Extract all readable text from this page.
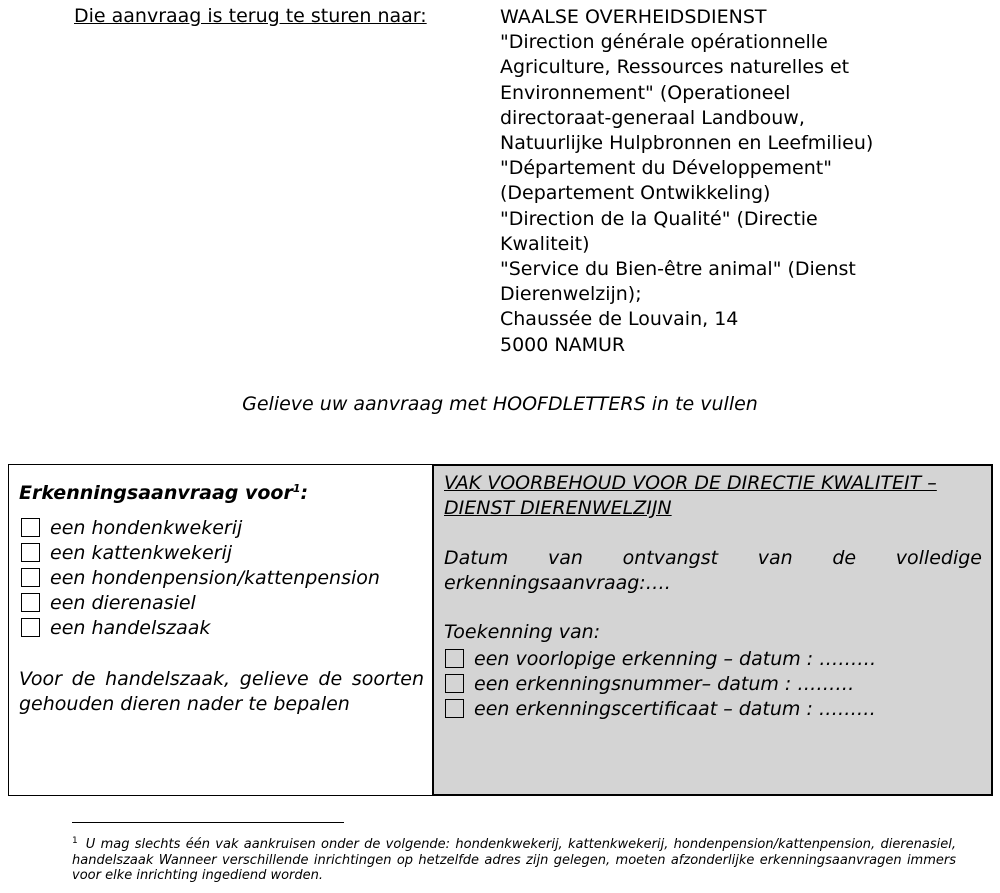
Die aanvraag is terug te sturen naar:	WAALSE OVERHEIDSDIENST
"Direction générale opérationnelle
Agriculture, Ressources naturelles et
Environnement" (Operationeel
directoraat-generaal Landbouw,
Natuurlijke Hulpbronnen en Leefmilieu)
"Département du Développement"
(Departement Ontwikkeling)
"Direction de la Qualité" (Directie
Kwaliteit)
"Service du Bien-être animal" (Dienst
Dierenwelzijn);
Chaussée de Louvain, 14
5000 NAMUR
Gelieve uw aanvraag met HOOFDLETTERS in te vullen
Erkenningsaanvraag voor$^1$:
een hondenkwekerij
een kattenkwekerij
een hondenpension/kattenpension
een dierenasiel
een handelszaak
Voor de handelszaak, gelieve de soorten gehouden dieren nader te bepalen
VAK VOORBEHOUD VOOR DE DIRECTIE KWALITEIT – DIENST DIERENWELZIJN
Datum van ontvangst van de volledige erkenningsaanvraag:….
Toekenning van:
een voorlopige erkenning – datum : ………
een erkenningsnummer– datum : ………
een erkenningscertificaat – datum : ………
$^1$ U mag slechts één vak aankruisen onder de volgende: hondenkwekerij, kattenkwekerij, hondenpension/kattenpension, dierenasiel, handelszaak Wanneer verschillende inrichtingen op hetzelfde adres zijn gelegen, moeten afzonderlijke erkenningsaanvragen immers voor elke inrichting ingediend worden.
